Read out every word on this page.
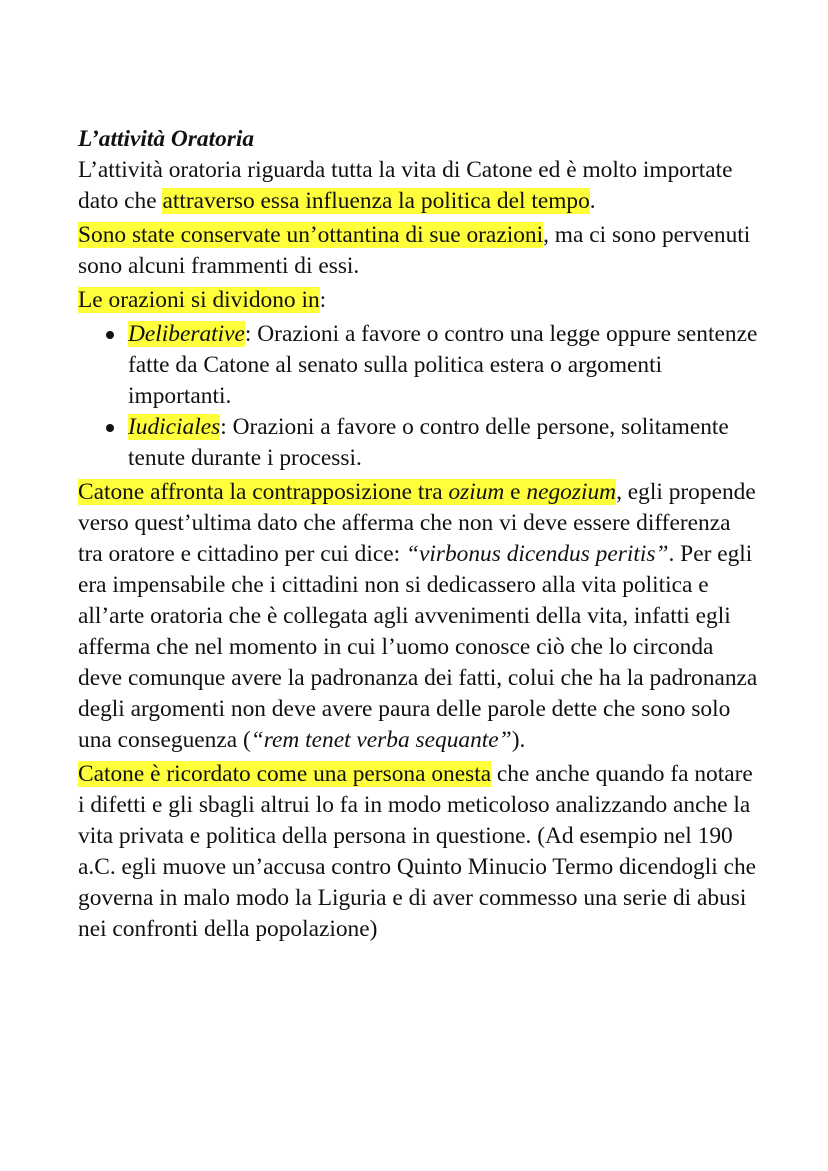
L’attività Oratoria

L’attività oratoria riguarda tutta la vita di Catone ed è molto importate dato che attraverso essa influenza la politica del tempo.

Sono state conservate un’ottantina di sue orazioni, ma ci sono pervenuti sono alcuni frammenti di essi.

Le orazioni si dividono in:

Deliberative: Orazioni a favore o contro una legge oppure sentenze fatte da Catone al senato sulla politica estera o argomenti importanti.
Iudiciales: Orazioni a favore o contro delle persone, solitamente tenute durante i processi.

Catone affronta la contrapposizione tra ozium e negozium, egli propende verso quest’ultima dato che afferma che non vi deve essere differenza tra oratore e cittadino per cui dice: “virbonus dicendus peritis”. Per egli era impensabile che i cittadini non si dedicassero alla vita politica e all’arte oratoria che è collegata agli avvenimenti della vita, infatti egli afferma che nel momento in cui l’uomo conosce ciò che lo circonda deve comunque avere la padronanza dei fatti, colui che ha la padronanza degli argomenti non deve avere paura delle parole dette che sono solo una conseguenza (“rem tenet verba sequante”).

Catone è ricordato come una persona onesta che anche quando fa notare i difetti e gli sbagli altrui lo fa in modo meticoloso analizzando anche la vita privata e politica della persona in questione. (Ad esempio nel 190 a.C. egli muove un’accusa contro Quinto Minucio Termo dicendogli che governa in malo modo la Liguria e di aver commesso una serie di abusi nei confronti della popolazione)
